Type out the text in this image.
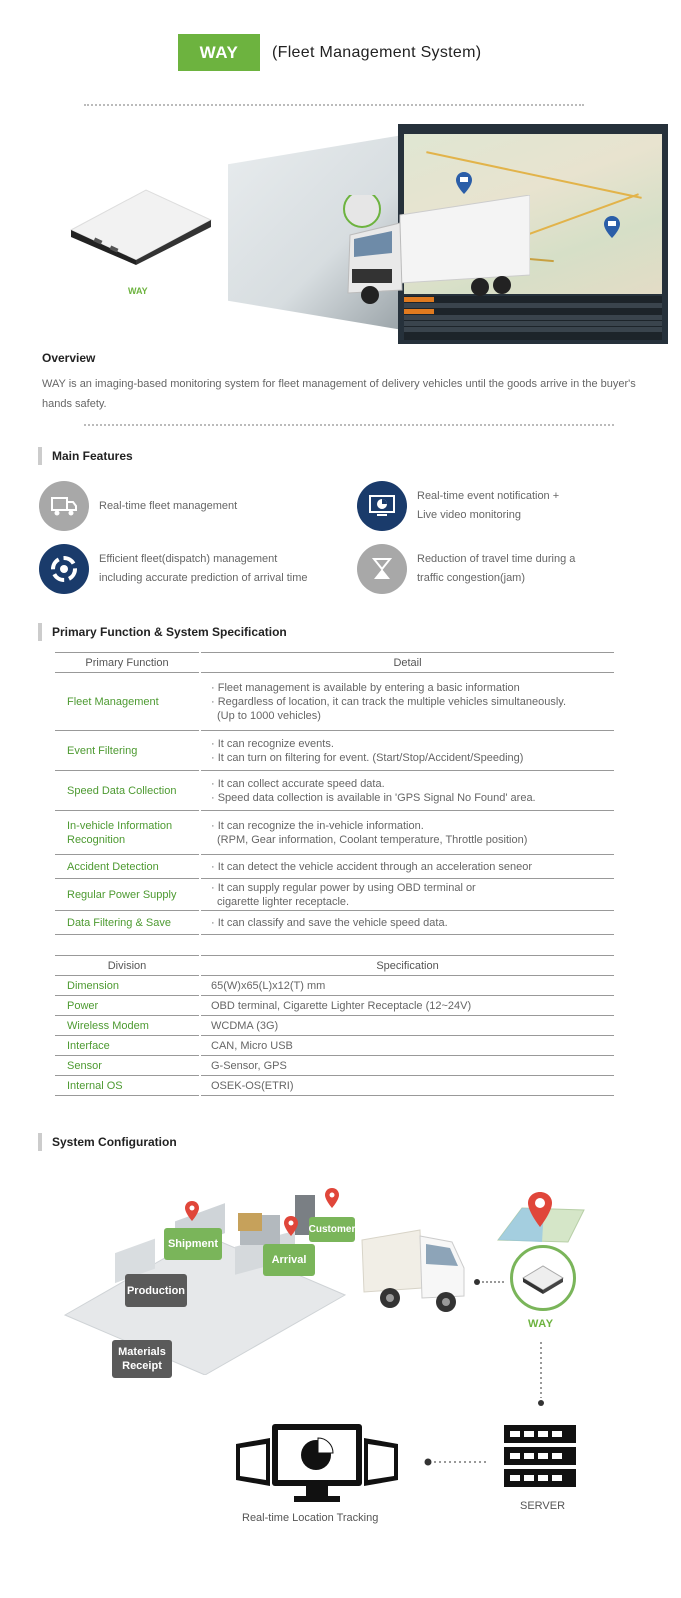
WAY	(Fleet Management System)
WAY
Overview
WAY is an imaging-based monitoring system for fleet management of delivery vehicles until the goods arrive in the buyer's hands safety.
Main Features
Real-time fleet management
Real-time event notification +
Live video monitoring
Efficient fleet(dispatch) management
including accurate prediction of arrival time
Reduction of travel time during a
traffic congestion(jam)
Primary Function & System Specification
Primary Function	Detail
Fleet Management	· Fleet management is available by entering a basic information
· Regardless of location, it can track the multiple vehicles simultaneously.
(Up to 1000 vehicles)

Event Filtering	· It can recognize events.
· It can turn on filtering for event. (Start/Stop/Accident/Speeding)

Speed Data Collection	· It can collect accurate speed data.
· Speed data collection is available in 'GPS Signal No Found' area.

In-vehicle Information Recognition	· It can recognize the in-vehicle information.
(RPM, Gear information, Coolant temperature, Throttle position)

Accident Detection	· It can detect the vehicle accident through an acceleration seneor

Regular Power Supply	· It can supply regular power by using OBD terminal or
cigarette lighter receptacle.

Data Filtering & Save	· It can classify and save the vehicle speed data.
Division	Specification
Dimension	65(W)x65(L)x12(T) mm
Power	OBD terminal, Cigarette Lighter Receptacle (12~24V)
Wireless Modem	WCDMA (3G)
Interface	CAN, Micro USB
Sensor	G-Sensor, GPS
Internal OS	OSEK-OS(ETRI)
System Configuration
Shipment
Customer
Arrival
Production
Materials
Receipt
WAY
Real-time Location Tracking
SERVER
